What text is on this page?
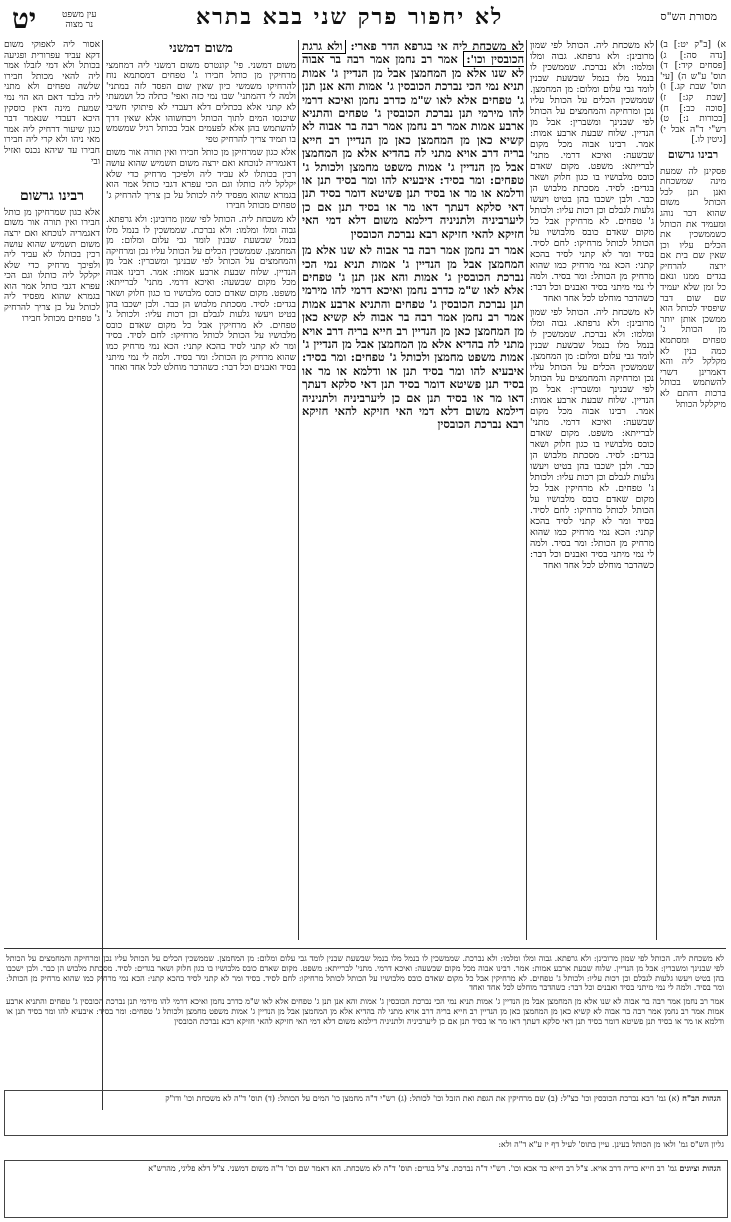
יט	עין משפט
נר מצוה	לא יחפור פרק שני בבא בתרא	מסורת הש"ס

אסור ליה לאפוקי משום דקא עביד עפרורית ופגיעה בכותל ולא דמי לזבלו אמר ליה להאי מכותל חבירו שלשה טפחים ולא מתני ליה בלבד דאם הא הוי נמי שמעת מינה דאין כוסקין היכא דעבדי שנאמר דבר כגון שיעור דרחיק ליה אמר מאי ניהו ולא קרי ליה חבירו חבירו עד שיהא נכנס ואזיל ובי

רבינו גרשום

אלא כגון שמרחיקן מן כותל חבירו ואין תורה אור משום דאגמריה לנוכחא ואם ירצה משום תשמיש שהוא עושה רכין בכותלו לא עביד ליה ולפיכך מרחיק כדי שלא יקלקל ליה כותלו וגם הכי עפרא דגבי כותל אמר הוא בגמרא שהוא מפסיד ליה לכותל על כן צריך להרחיק ג' טפחים מכותל חבירו

משום דמשני

משום דמשני. פי' קונטרס משום דמשני ליה דמחמצי מרחיקין מן כותל חבירו ג' טפחים דמסתמא נוח להרחיקו משמשי כיון שאין שום הפסד לזה במתני' ולמה לי דהמתני' שבו נמי כזה ואפי' כתלה כל ושמעתי לא קתני אלא בכתלים דלא דעבדי לא פיתוקי חשיבי שיכנסו המים לתוך הכותל ויכחשוהו אלא שאין דרך להשתמש בהן אלא לפעמים אבל בכותל רגיל שמשמש בו תמיד צריך להרחיק טפי

אלא כגון שמרחיקן מן כותל חבירו ואין תורה אור משום דאגמריה לנוכחא ואם ירצה משום תשמיש שהוא עושה רכין בכותלו לא עביד ליה ולפיכך מרחיק כדי שלא יקלקל ליה כותלו וגם הכי עפרא דגבי כותל אמר הוא בגמרא שהוא מפסיד ליה לכותל על כן צריך להרחיק ג' טפחים מכותל חבירו

לא משכחת ליה. הכותל לפי שמון מרובינן: ולא גרפתא. גבוה ומלו ומלמו: ולא נברכת. שממשכין לו בנמל מלו בנמל שבשעת שבנין לומד גבי עלום ומלום: מן המחמצן. שממשכין הכלים על הכותל עליו נכן ומרחיקה והמחמצים על הכותל לפי שבנינך ומשברין: אבל מן הנדיין. שלוח שבעת ארבע אמות: אמר. רבינו אבוה מכל מקום שבשעה: ואיכא דרמי. מתני' לברייתא: משפט. מקום שאדם כובס מלבושיו בו כגון חלוק ושאר בגדים: לסיד. מסכתת מלבוש הן כבר. ולבן ישכבו בהן בטיט ויעשו גלעות לגבלם וכן רכות עליו: ולכותל ג' טפחים. לא מרחיקין אבל כל מקום שאדם כובס מלבושיו על הכותל לכותל מרחיקו: לחם לסיד. בסיד ומר לא קתני לסיד בהכא קתני: הכא נמי מרחיק כמו שהוא מרחיק מן הכותל: ומר בסיד. ולמה לי נמי מיתני בסיד ואבנים וכל דבר: כשהדבר מוחלט לכל אחד ואחד

לא משכחת ליה אי בגרפא הדר פארי: ולא גרגת הכובסין וכו': אמר רב נחמן אמר רבה בר אבוה לא שנו אלא מן המחמצן אבל מן הנדיין ג' אמות תניא נמי הכי נברכת הכובסין ג' אמות והא אנן תנן ג' טפחים אלא לאו ש"מ כדרב נחמן ואיכא דרמי להו מירמי תנן נברכת הכובסין ג' טפחים והתניא ארבע אמות אמר רב נחמן אמר רבה בר אבוה לא קשיא כאן מן המחמצן כאן מן הנדיין רב חייא בריה דרב אויא מתני לה בהדיא אלא מן המחמצן אבל מן הנדיין ג' אמות משפט מחמצן ולכותל ג' טפחים: ומר בסיד: איבעיא להו ומר בסיד תנן או ודלמא או מר או בסיד תנן פשיטא דומר בסיד תנן דאי סלקא דעתך דאו מר או בסיד תנן אם כן ליערביניה ולתניניה דילמא משום דלא דמי האי חזיקא להאי חזיקא רבא נברכת הכובסין

אמר רב נחמן אמר רבה בר אבוה לא שנו אלא מן המחמצן אבל מן הנדיין ג' אמות תניא נמי הכי נברכת הכובסין ג' אמות והא אנן תנן ג' טפחים אלא לאו ש"מ כדרב נחמן ואיכא דרמי להו מירמי תנן נברכת הכובסין ג' טפחים והתניא ארבע אמות אמר רב נחמן אמר רבה בר אבוה לא קשיא כאן מן המחמצן כאן מן הנדיין רב חייא בריה דרב אויא מתני לה בהדיא אלא מן המחמצן אבל מן הנדיין ג' אמות משפט מחמצן ולכותל ג' טפחים: ומר בסיד: איבעיא להו ומר בסיד תנן או ודלמא או מר או בסיד תנן פשיטא דומר בסיד תנן דאי סלקא דעתך דאו מר או בסיד תנן אם כן ליערביניה ולתניניה דילמא משום דלא דמי האי חזיקא להאי חזיקא רבא נברכת הכובסין

לא משכחת ליה. הכותל לפי שמון מרובינן: ולא גרפתא. גבוה ומלו ומלמו: ולא נברכת. שממשכין לו בנמל מלו בנמל שבשעת שבנין לומד גבי עלום ומלום: מן המחמצן. שממשכין הכלים על הכותל עליו נכן ומרחיקה והמחמצים על הכותל לפי שבנינך ומשברין: אבל מן הנדיין. שלוח שבעת ארבע אמות: אמר. רבינו אבוה מכל מקום שבשעה: ואיכא דרמי. מתני' לברייתא: משפט. מקום שאדם כובס מלבושיו בו כגון חלוק ושאר בגדים: לסיד. מסכתת מלבוש הן כבר. ולבן ישכבו בהן בטיט ויעשו גלעות לגבלם וכן רכות עליו: ולכותל ג' טפחים. לא מרחיקין אבל כל מקום שאדם כובס מלבושיו על הכותל לכותל מרחיקו: לחם לסיד. בסיד ומר לא קתני לסיד בהכא קתני: הכא נמי מרחיק כמו שהוא מרחיק מן הכותל: ומר בסיד. ולמה לי נמי מיתני בסיד ואבנים וכל דבר: כשהדבר מוחלט לכל אחד ואחד

לא משכחת ליה. הכותל לפי שמון מרובינן: ולא גרפתא. גבוה ומלו ומלמו: ולא נברכת. שממשכין לו בנמל מלו בנמל שבשעת שבנין לומד גבי עלום ומלום: מן המחמצן. שממשכין הכלים על הכותל עליו נכן ומרחיקה והמחמצים על הכותל לפי שבנינך ומשברין: אבל מן הנדיין. שלוח שבעת ארבע אמות: אמר. רבינו אבוה מכל מקום שבשעה: ואיכא דרמי. מתני' לברייתא: משפט. מקום שאדם כובס מלבושיו בו כגון חלוק ושאר בגדים: לסיד. מסכתת מלבוש הן כבר. ולבן ישכבו בהן בטיט ויעשו גלעות לגבלם וכן רכות עליו: ולכותל ג' טפחים. לא מרחיקין אבל כל מקום שאדם כובס מלבושיו על הכותל לכותל מרחיקו: לחם לסיד. בסיד ומר לא קתני לסיד בהכא קתני: הכא נמי מרחיק כמו שהוא מרחיק מן הכותל: ומר בסיד. ולמה לי נמי מיתני בסיד ואבנים וכל דבר: כשהדבר מוחלט לכל אחד ואחד

א) [ב"ק יט:] ב) [נדה סה:] ג) [פסחים קיד:] ד) תוס' ע"ש ה) [עי' תוס' שבת קג.] ו) [שבת קג:] ז) [סוכה כב:] ח) [בכורות נ:] ט) רש"י ד"ה אבל י) [גיטין לו.]

רבינו גרשום

פסקינן לה שמעת מינה שמשכחת ואנן תנן לכל הכותל משום שהוא דבר נוהג ומעמיד את הכותל כשממשכין את הכלים עליו וכן שאין שם בית אם ירצה להרחיק בגדים ממנו ונאם כל זמן שלא יעמיד שם שום דבר שיפסיד לכותל הוא ממשכן אותן יותר מן הכותל ג' טפחים ומסתמא כמה בנין לא מקלקל ליה והא דאמרינן דשרי להשתמש בכותל ברכות דהתם לא מיקלקל הכותל

לא משכחת ליה. הכותל לפי שמון מרובינן: ולא גרפתא. גבוה ומלו ומלמו: ולא נברכת. שממשכין לו בנמל מלו בנמל שבשעת שבנין לומד גבי עלום ומלום: מן המחמצן. שממשכין הכלים על הכותל עליו נכן ומרחיקה והמחמצים על הכותל לפי שבנינך ומשברין: אבל מן הנדיין. שלוח שבעת ארבע אמות: אמר. רבינו אבוה מכל מקום שבשעה: ואיכא דרמי. מתני' לברייתא: משפט. מקום שאדם כובס מלבושיו בו כגון חלוק ושאר בגדים: לסיד. מסכתת מלבוש הן כבר. ולבן ישכבו בהן בטיט ויעשו גלעות לגבלם וכן רכות עליו: ולכותל ג' טפחים. לא מרחיקין אבל כל מקום שאדם כובס מלבושיו על הכותל לכותל מרחיקו: לחם לסיד. בסיד ומר לא קתני לסיד בהכא קתני: הכא נמי מרחיק כמו שהוא מרחיק מן הכותל: ומר בסיד. ולמה לי נמי מיתני בסיד ואבנים וכל דבר: כשהדבר מוחלט לכל אחד ואחד

אמר רב נחמן אמר רבה בר אבוה לא שנו אלא מן המחמצן אבל מן הנדיין ג' אמות תניא נמי הכי נברכת הכובסין ג' אמות והא אנן תנן ג' טפחים אלא לאו ש"מ כדרב נחמן ואיכא דרמי להו מירמי תנן נברכת הכובסין ג' טפחים והתניא ארבע אמות אמר רב נחמן אמר רבה בר אבוה לא קשיא כאן מן המחמצן כאן מן הנדיין רב חייא בריה דרב אויא מתני לה בהדיא אלא מן המחמצן אבל מן הנדיין ג' אמות משפט מחמצן ולכותל ג' טפחים: ומר בסיד: איבעיא להו ומר בסיד תנן או ודלמא או מר או בסיד תנן פשיטא דומר בסיד תנן דאי סלקא דעתך דאו מר או בסיד תנן אם כן ליערביניה ולתניניה דילמא משום דלא דמי האי חזיקא להאי חזיקא רבא נברכת הכובסין

הגהות הב"ח (א) גמ' רבא נברכת הכובסין וכו' כצ"ל: (ב) שם מרחיקין את הגפת ואת הזבל וכו' לכותל: (ג) רש"י ד"ה מחמצן כו' המים על הכותל: (ד) תוס' ד"ה לא משכחת וכו' ודו"ק
גליון הש"ס גמ' ולאו מן הכותל בעינן. עיין בתוס' לעיל דף יז ע"א ד"ה ולא:
הגהות וציונים גמ' רב חייא בריה דרב אויא. צ"ל רב חייא בר אבא וכו'. רש"י ד"ה נברכת. צ"ל בגדים: תוס' ד"ה לא משכחת. הא דאמר שם וכו' ד"ה משום דמשני. צ"ל דלא פליגי, מהרש"א
